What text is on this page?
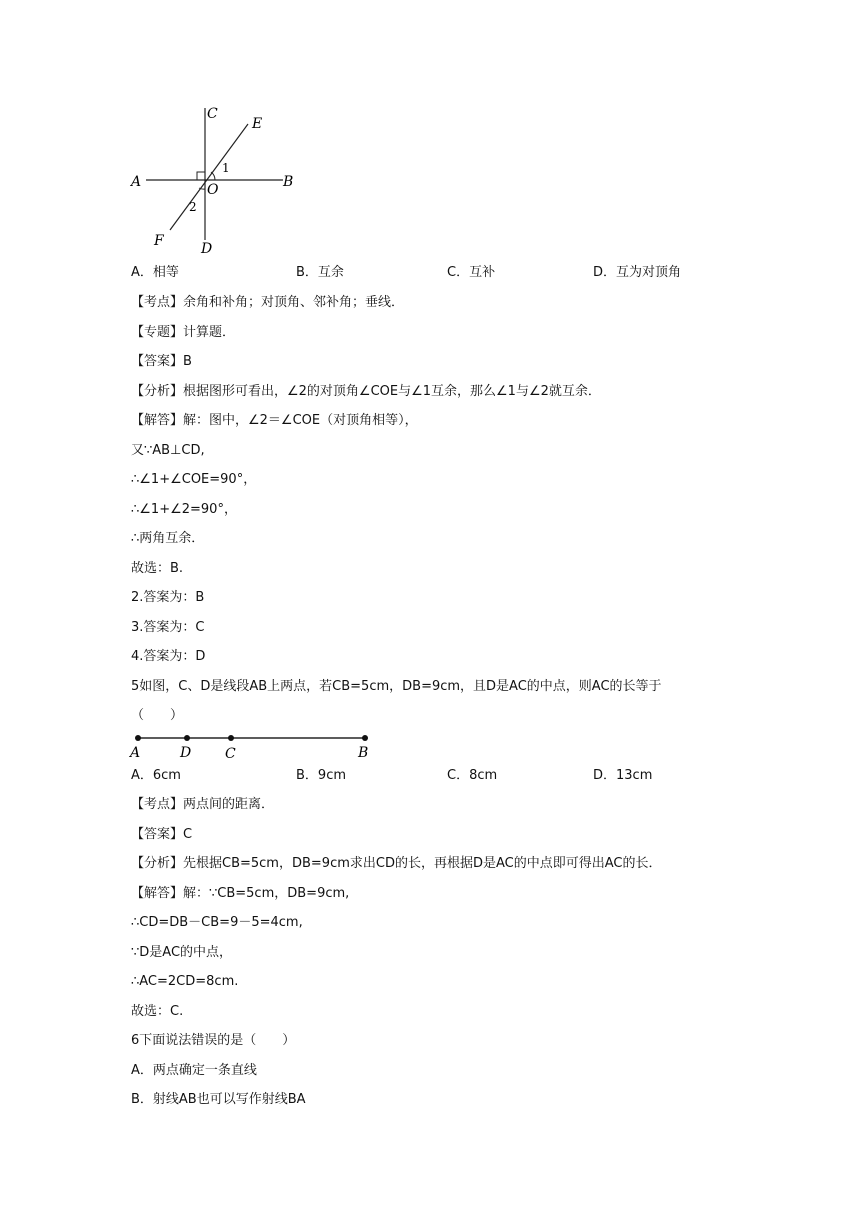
C
E
A	B
O
1
2
F	D
A．相等	B．互余	C．互补	D．互为对顶角
【考点】余角和补角；对顶角、邻补角；垂线．
【专题】计算题．
【答案】B
【分析】根据图形可看出，∠2的对顶角∠COE与∠1互余，那么∠1与∠2就互余．
【解答】解：图中，∠2＝∠COE（对顶角相等），
又∵AB⊥CD,
∴∠1+∠COE=90°，
∴∠1+∠2=90°，
∴两角互余．
故选：B.
2.答案为：B
3.答案为：C
4.答案为：D
5如图，C、D是线段AB上两点，若CB=5cm，DB=9cm，且D是AC的中点，则AC的长等于
（　　）
A	D C	B
A．6cm	B．9cm	C．8cm	D．13cm
【考点】两点间的距离．
【答案】C
【分析】先根据CB=5cm，DB=9cm求出CD的长，再根据D是AC的中点即可得出AC的长．
【解答】解：∵CB=5cm，DB=9cm,
∴CD=DB－CB=9－5=4cm,
∵D是AC的中点，
∴AC=2CD=8cm.
故选：C.
6下面说法错误的是（　　）
A．两点确定一条直线
B．射线AB也可以写作射线BA
